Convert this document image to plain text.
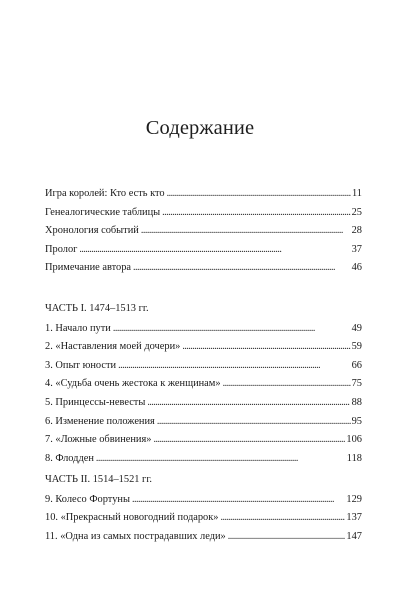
Содержание
Игра королей: Кто есть кто . . .	11
Генеалогические таблицы . . .	25
Хронология событий . . .	28
Пролог . . .	37
Примечание автора . . .	46
ЧАСТЬ I. 1474–1513 гг.
1. Начало пути . . .	49
2. «Наставления моей дочери» . . .	59
3. Опыт юности . . .	66
4. «Судьба очень жестока к женщинам» . . .	75
5. Принцессы-невесты . . .	88
6. Изменение положения . . .	95
7. «Ложные обвинения» . . .	106
8. Флодден . . .	118
ЧАСТЬ II. 1514–1521 гг.
9. Колесо Фортуны . . .	129
10. «Прекрасный новогодний подарок» . . .	137
11. «Одна из самых пострадавших леди» . . .	147
